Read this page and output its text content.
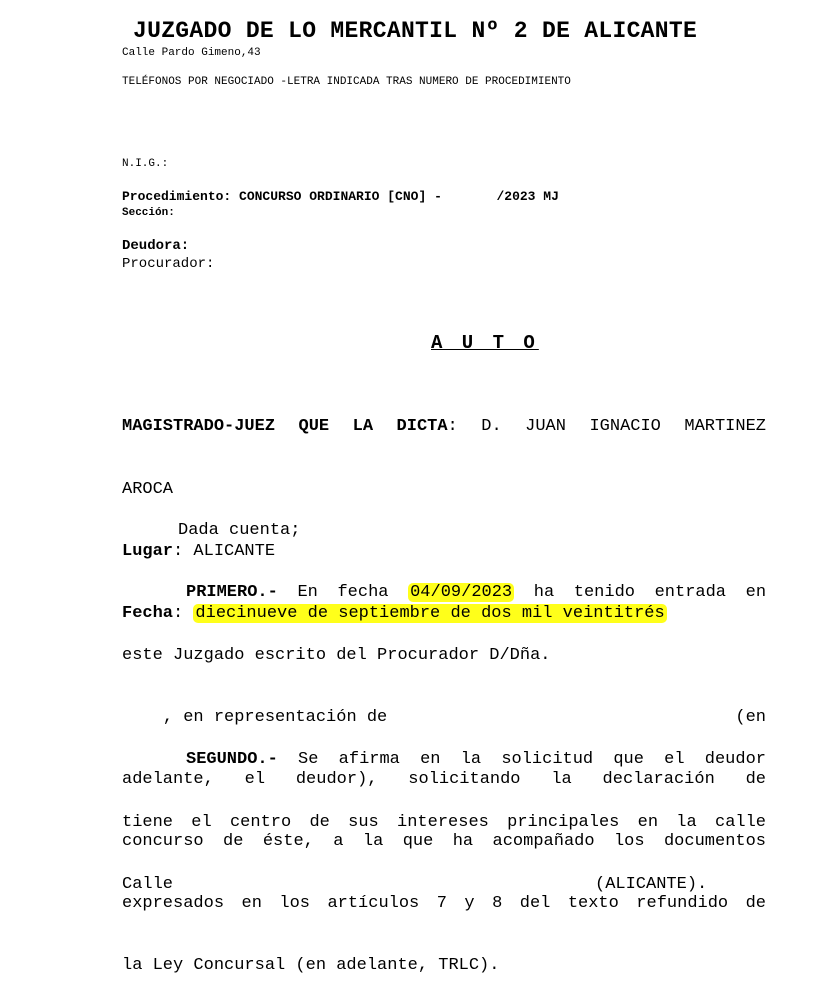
JUZGADO DE LO MERCANTIL Nº 2 DE ALICANTE
Calle Pardo Gimeno,43
TELÉFONOS POR NEGOCIADO -LETRA INDICADA TRAS NUMERO DE PROCEDIMIENTO
N.I.G.:
Procedimiento: CONCURSO ORDINARIO [CNO] -       /2023 MJ
Sección:
Deudora:
Procurador:
A U T O

MAGISTRADO-JUEZ QUE LA DICTA: D. JUAN IGNACIO MARTINEZ

AROCA

Lugar: ALICANTE

Fecha: diecinueve de septiembre de dos mil veintitrés

Dada cuenta;

PRIMERO.- En fecha 04/09/2023 ha tenido entrada en

este Juzgado escrito del Procurador D/Dña.

, en representación de	(en

adelante, el deudor), solicitando la declaración de

concurso de éste, a la que ha acompañado los documentos

expresados en los artículos 7 y 8 del texto refundido de

la Ley Concursal (en adelante, TRLC).

SEGUNDO.- Se afirma en la solicitud que el deudor

tiene el centro de sus intereses principales en la calle

Calle	(ALICANTE).
